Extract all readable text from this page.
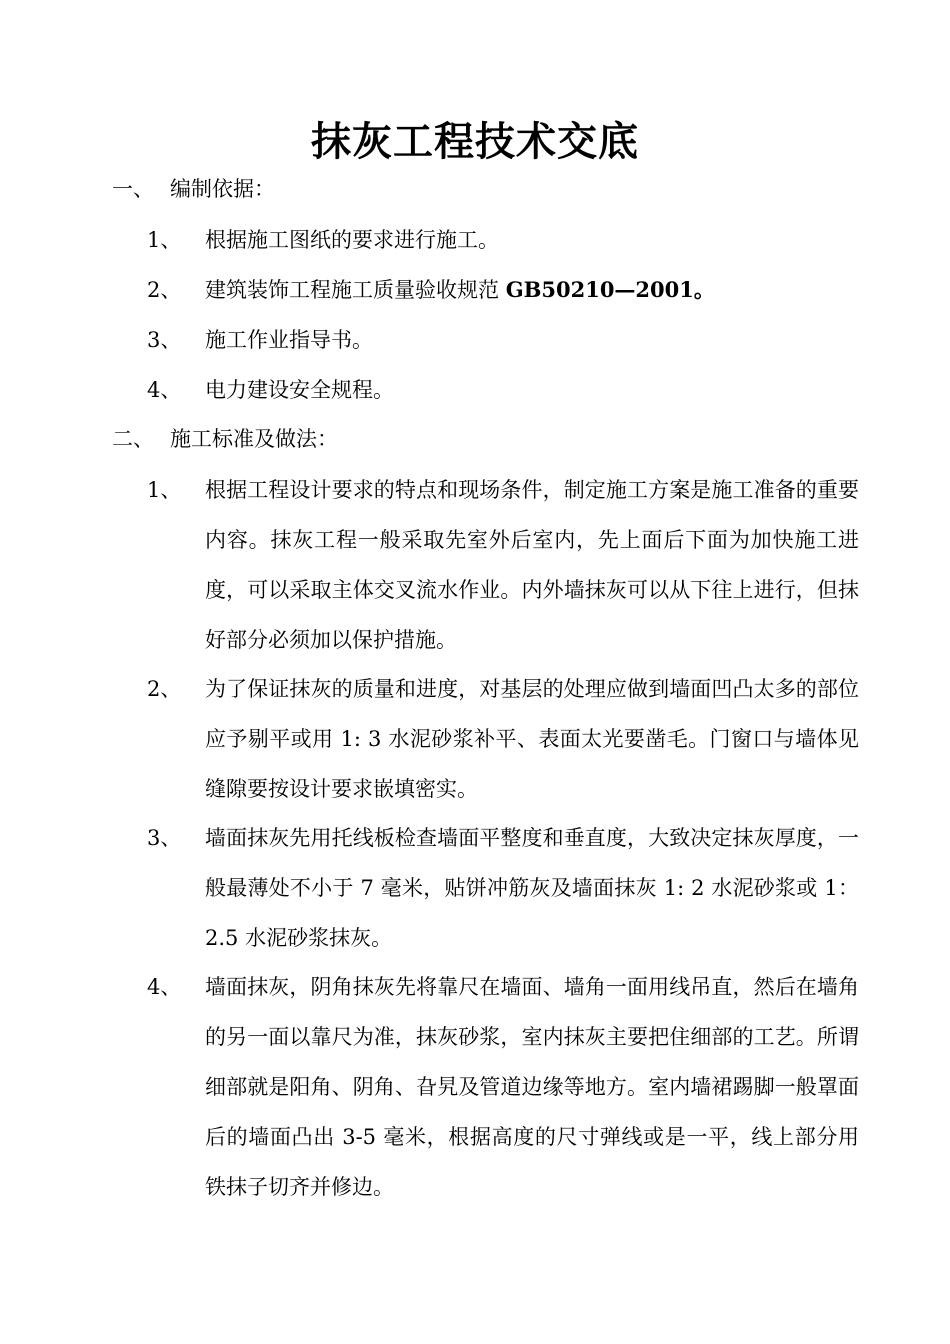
抹灰工程技术交底
一、 编制依据：
1、	根据施工图纸的要求进行施工。
2、	建筑装饰工程施工质量验收规范 GB50210—2001。
3、	施工作业指导书。
4、	电力建设安全规程。
二、 施工标准及做法：
1、	根据工程设计要求的特点和现场条件，制定施工方案是施工准备的重要内容。抹灰工程一般采取先室外后室内，先上面后下面为加快施工进度，可以采取主体交叉流水作业。内外墙抹灰可以从下往上进行，但抹好部分必须加以保护措施。
2、	为了保证抹灰的质量和进度，对基层的处理应做到墙面凹凸太多的部位应予剔平或用 1: 3 水泥砂浆补平、表面太光要凿毛。门窗口与墙体见缝隙要按设计要求嵌填密实。
3、	墙面抹灰先用托线板检查墙面平整度和垂直度，大致决定抹灰厚度，一般最薄处不小于 7 毫米，贴饼冲筋灰及墙面抹灰 1: 2 水泥砂浆或 1：2.5 水泥砂浆抹灰。
4、	墙面抹灰，阴角抹灰先将靠尺在墙面、墙角一面用线吊直，然后在墙角的另一面以靠尺为准，抹灰砂浆，室内抹灰主要把住细部的工艺。所谓细部就是阳角、阴角、旮旯及管道边缘等地方。室内墙裙踢脚一般罩面后的墙面凸出 3-5 毫米，根据高度的尺寸弹线或是一平，线上部分用铁抹子切齐并修边。
